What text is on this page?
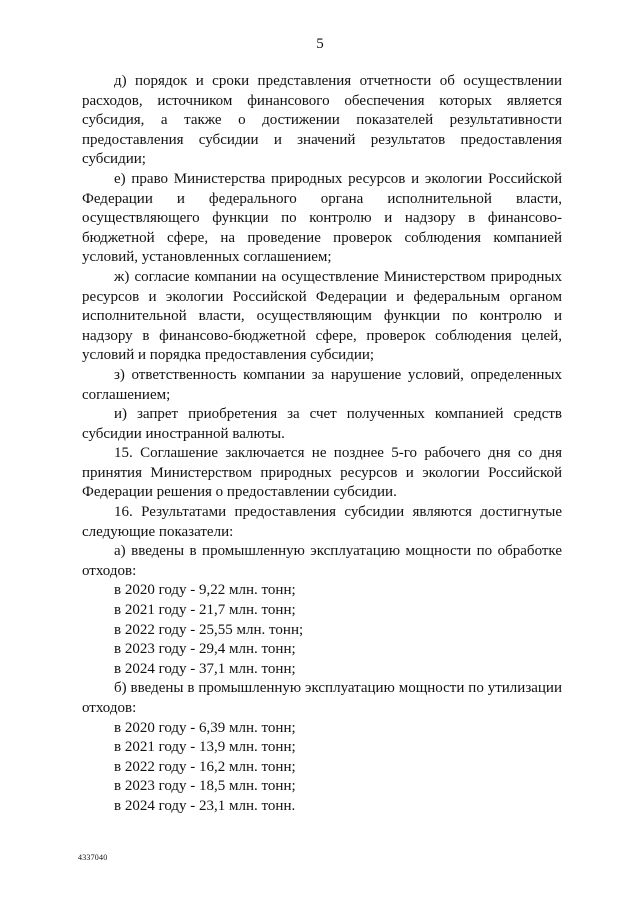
5

д) порядок и сроки представления отчетности об осуществлении расходов, источником финансового обеспечения которых является субсидия, а также о достижении показателей результативности предоставления субсидии и значений результатов предоставления субсидии;

е) право Министерства природных ресурсов и экологии Российской Федерации и федерального органа исполнительной власти, осуществляющего функции по контролю и надзору в финансово-бюджетной сфере, на проведение проверок соблюдения компанией условий, установленных соглашением;

ж) согласие компании на осуществление Министерством природных ресурсов и экологии Российской Федерации и федеральным органом исполнительной власти, осуществляющим функции по контролю и надзору в финансово-бюджетной сфере, проверок соблюдения целей, условий и порядка предоставления субсидии;

з) ответственность компании за нарушение условий, определенных соглашением;

и) запрет приобретения за счет полученных компанией средств субсидии иностранной валюты.

15. Соглашение заключается не позднее 5-го рабочего дня со дня принятия Министерством природных ресурсов и экологии Российской Федерации решения о предоставлении субсидии.

16. Результатами предоставления субсидии являются достигнутые следующие показатели:

а) введены в промышленную эксплуатацию мощности по обработке отходов:

в 2020 году - 9,22 млн. тонн;

в 2021 году - 21,7 млн. тонн;

в 2022 году - 25,55 млн. тонн;

в 2023 году - 29,4 млн. тонн;

в 2024 году - 37,1 млн. тонн;

б) введены в промышленную эксплуатацию мощности по утилизации отходов:

в 2020 году - 6,39 млн. тонн;

в 2021 году - 13,9 млн. тонн;

в 2022 году - 16,2 млн. тонн;

в 2023 году - 18,5 млн. тонн;

в 2024 году - 23,1 млн. тонн.

4337040
